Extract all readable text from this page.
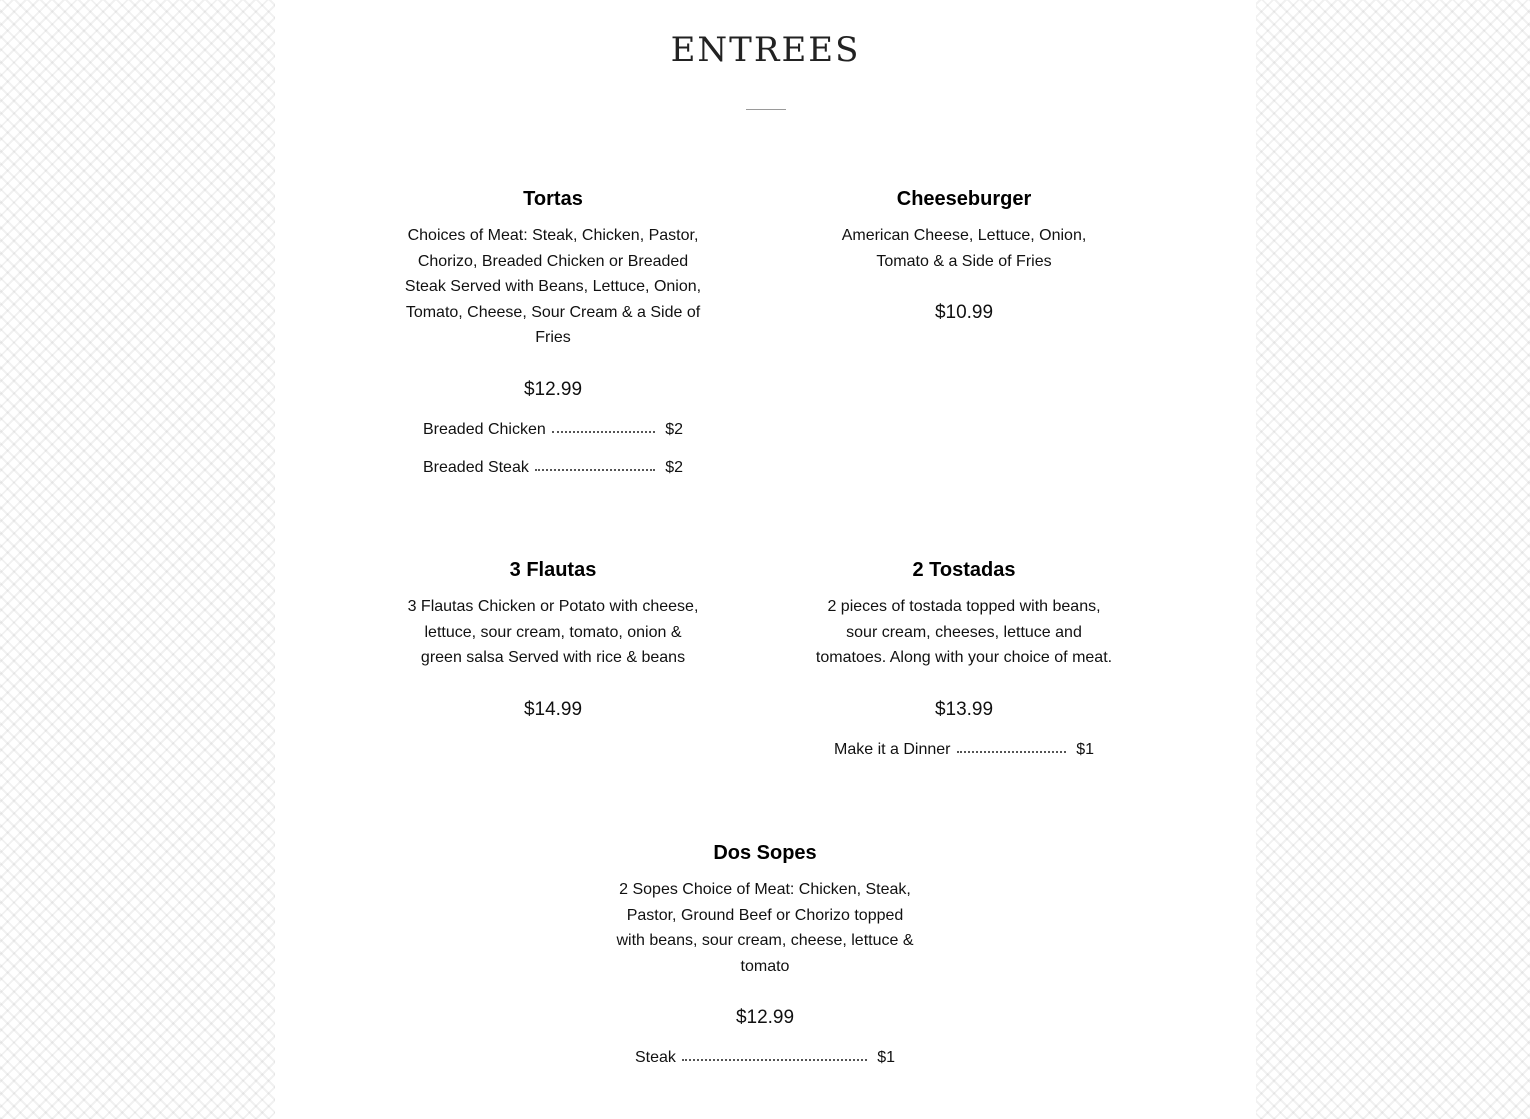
ENTREES
Tortas
Choices of Meat: Steak, Chicken, Pastor, Chorizo, Breaded Chicken or Breaded Steak Served with Beans, Lettuce, Onion, Tomato, Cheese, Sour Cream & a Side of Fries
$12.99
Breaded Chicken	$2
Breaded Steak	$2
Cheeseburger
American Cheese, Lettuce, Onion, Tomato & a Side of Fries
$10.99
3 Flautas
3 Flautas Chicken or Potato with cheese, lettuce, sour cream, tomato, onion & green salsa Served with rice & beans
$14.99
2 Tostadas
2 pieces of tostada topped with beans, sour cream, cheeses, lettuce and tomatoes. Along with your choice of meat.
$13.99
Make it a Dinner	$1
Dos Sopes
2 Sopes Choice of Meat: Chicken, Steak, Pastor, Ground Beef or Chorizo topped with beans, sour cream, cheese, lettuce & tomato
$12.99
Steak	$1
